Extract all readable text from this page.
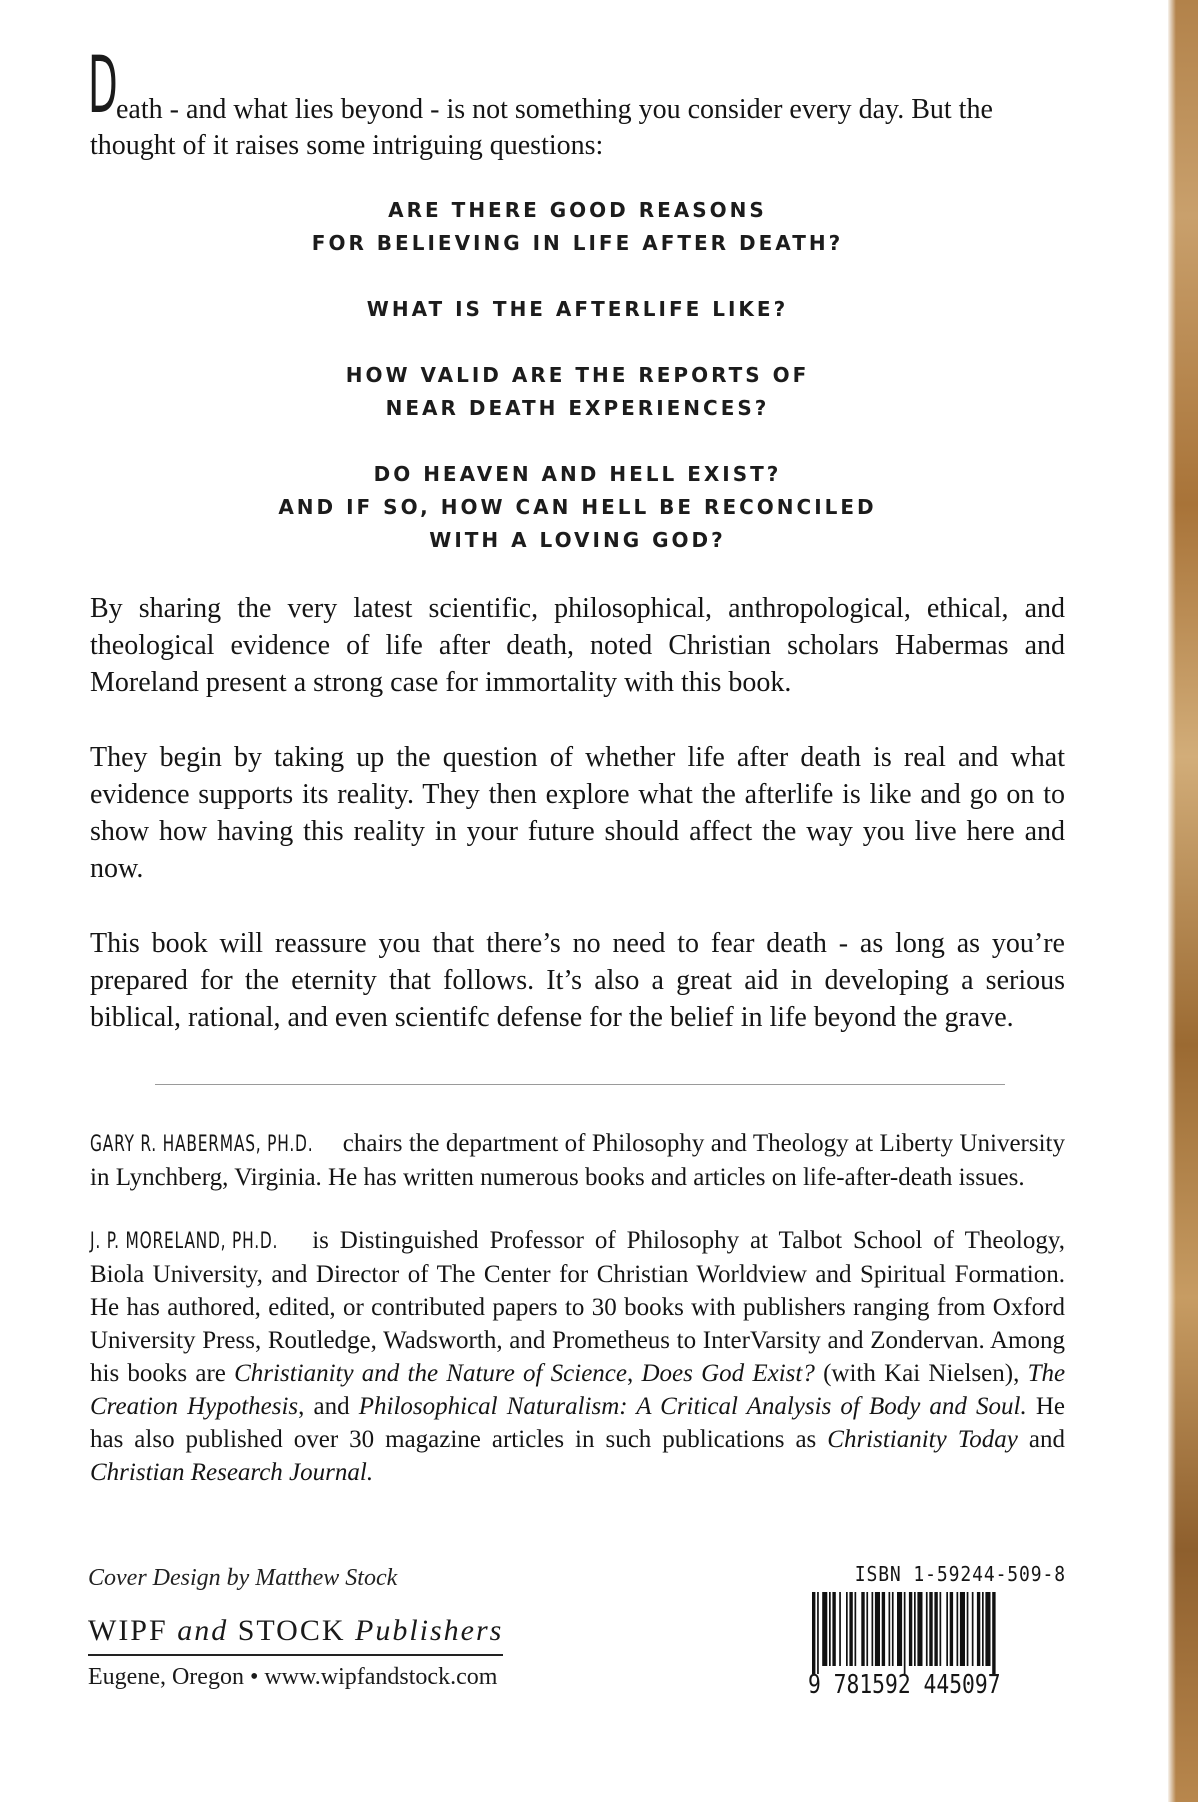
D
eath - and what lies beyond - is not something you consider every day. But the thought of it raises some intriguing questions:

ARE THERE GOOD REASONS
FOR BELIEVING IN LIFE AFTER DEATH?
WHAT IS THE AFTERLIFE LIKE?
HOW VALID ARE THE REPORTS OF
NEAR DEATH EXPERIENCES?
DO HEAVEN AND HELL EXIST?
AND IF SO, HOW CAN HELL BE RECONCILED
WITH A LOVING GOD?

By sharing the very latest scientific, philosophical, anthropological, ethical, and theological evidence of life after death, noted Christian scholars Habermas and Moreland present a strong case for immortality with this book.

They begin by taking up the question of whether life after death is real and what evidence supports its reality. They then explore what the afterlife is like and go on to show how having this reality in your future should affect the way you live here and now.

This book will reassure you that there’s no need to fear death - as long as you’re prepared for the eternity that follows. It’s also a great aid in developing a serious biblical, rational, and even scientifc defense for the belief in life beyond the grave.

GARY R. HABERMAS, PH.D. chairs the department of Philosophy and Theology at Liberty University in Lynchberg, Virginia. He has written numerous books and articles on life-after-death issues.

J. P. MORELAND, PH.D. is Distinguished Professor of Philosophy at Talbot School of Theology, Biola University, and Director of The Center for Christian Worldview and Spiritual Formation. He has authored, edited, or contributed papers to 30 books with publishers ranging from Oxford University Press, Routledge, Wadsworth, and Prometheus to InterVarsity and Zondervan. Among his books are Christianity and the Nature of Science, Does God Exist? (with Kai Nielsen), The Creation Hypothesis, and Philosophical Naturalism: A Critical Analysis of Body and Soul. He has also published over 30 magazine articles in such publications as Christianity Today and Christian Research Journal.

Cover Design by Matthew Stock

WIPF and STOCK Publishers
Eugene, Oregon • www.wipfandstock.com
ISBN 1-59244-509-8
9 781592 445097
